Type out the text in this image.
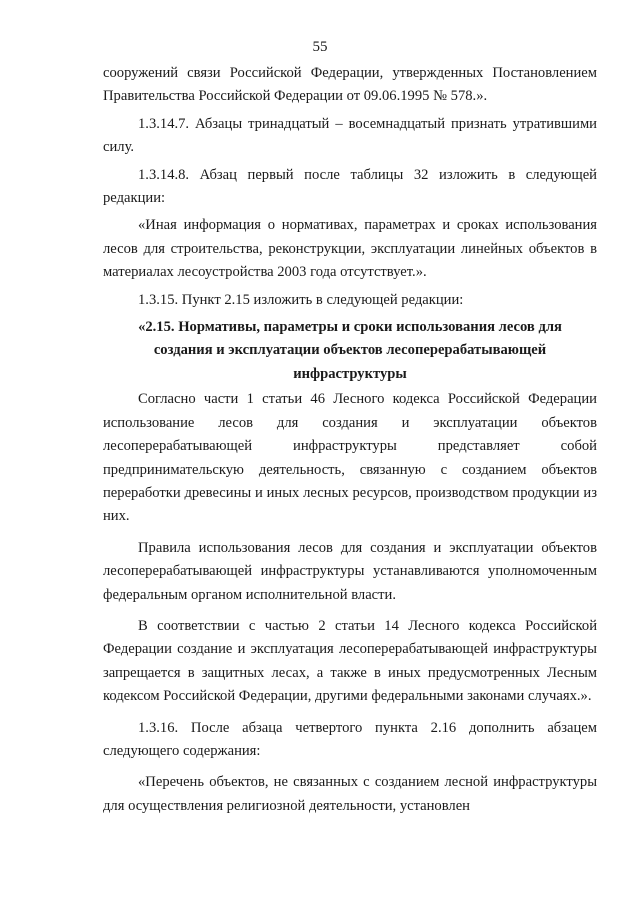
55

сооружений связи Российской Федерации, утвержденных Постановлением Правительства Российской Федерации от 09.06.1995 № 578.».

1.3.14.7. Абзацы тринадцатый – восемнадцатый признать утратившими силу.

1.3.14.8. Абзац первый после таблицы 32 изложить в следующей редакции:

«Иная информация о нормативах, параметрах и сроках использования лесов для строительства, реконструкции, эксплуатации линейных объектов в материалах лесоустройства 2003 года отсутствует.».

1.3.15. Пункт 2.15 изложить в следующей редакции:

«2.15. Нормативы, параметры и сроки использования лесов для
создания и эксплуатации объектов лесоперерабатывающей
инфраструктуры

Согласно части 1 статьи 46 Лесного кодекса Российской Федерации использование лесов для создания и эксплуатации объектов лесоперерабатывающей инфраструктуры представляет собой предпринимательскую деятельность, связанную с созданием объектов переработки древесины и иных лесных ресурсов, производством продукции из них.

Правила использования лесов для создания и эксплуатации объектов лесоперерабатывающей инфраструктуры устанавливаются уполномоченным федеральным органом исполнительной власти.

В соответствии с частью 2 статьи 14 Лесного кодекса Российской Федерации создание и эксплуатация лесоперерабатывающей инфраструктуры запрещается в защитных лесах, а также в иных предусмотренных Лесным кодексом Российской Федерации, другими федеральными законами случаях.».

1.3.16. После абзаца четвертого пункта 2.16 дополнить абзацем следующего содержания:

«Перечень объектов, не связанных с созданием лесной инфраструктуры для осуществления религиозной деятельности, установлен
